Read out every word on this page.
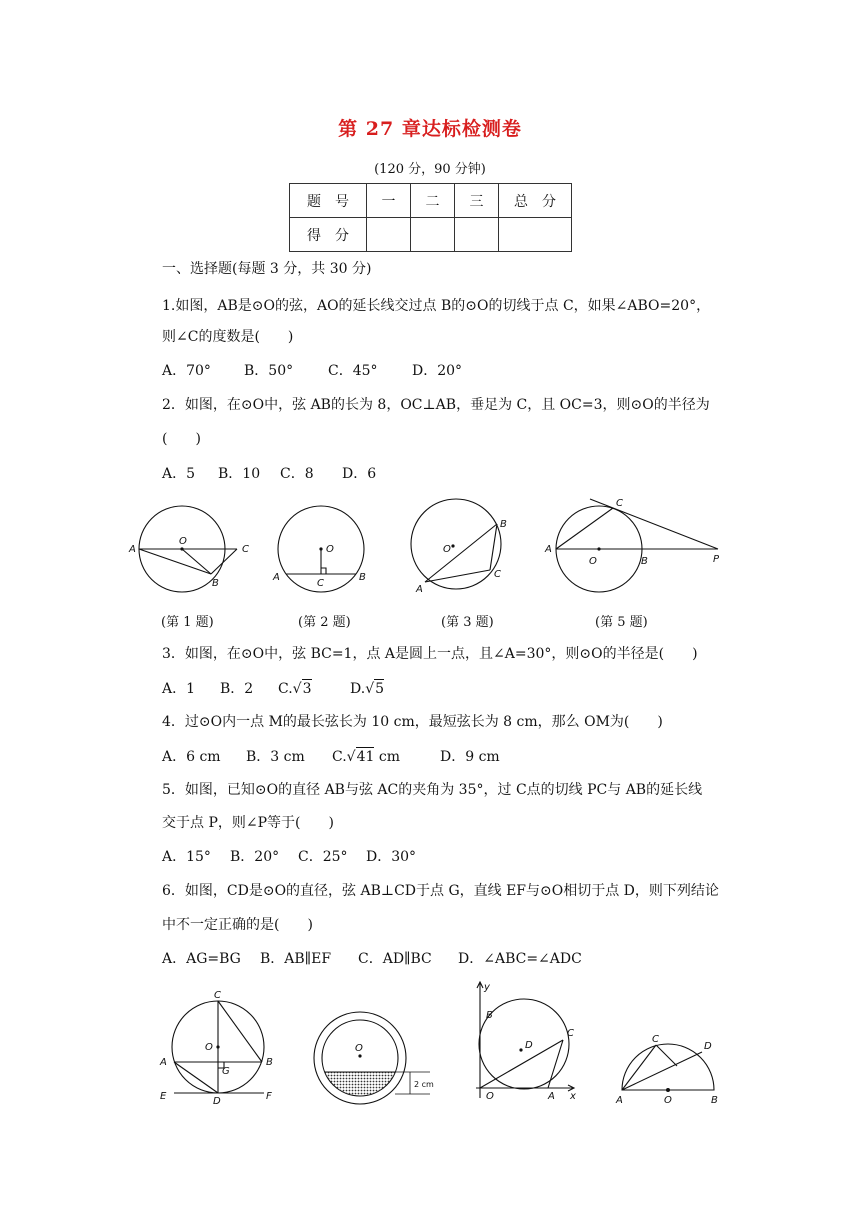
第 27 章达标检测卷
(120 分，90 分钟)
题　号	一	二	三	总　分
得　分				
一、选择题(每题 3 分，共 30 分)
1.如图，AB是⊙O的弦，AO的延长线交过点 B的⊙O的切线于点 C，如果∠ABO=20°，
则∠C的度数是(　　)
A．70° B．50° C．45° D．20°
2．如图，在⊙O中，弦 AB的长为 8，OC⊥AB，垂足为 C，且 OC=3，则⊙O的半径为
(　　)
A．5 B．10 C．8 D．6
A
O
C
B
O
A
C
B
B
O
C
A
C
A
O	B	P
(第 1 题)	(第 2 题)	(第 3 题)	(第 5 题)
3．如图，在⊙O中，弦 BC=1，点 A是圆上一点，且∠A=30°，则⊙O的半径是(　　)
A．1 B．2 C.√3	D.√5
4．过⊙O内一点 M的最长弦长为 10 cm，最短弦长为 8 cm，那么 OM为(　　)
A．6 cm B．3 cm C.√41 cm	D．9 cm
5．如图，已知⊙O的直径 AB与弦 AC的夹角为 35°，过 C点的切线 PC与 AB的延长线
交于点 P，则∠P等于(　　)
A．15° B．20° C．25° D．30°
6．如图，CD是⊙O的直径，弦 AB⊥CD于点 G，直线 EF与⊙O相切于点 D，则下列结论
中不一定正确的是(　　)
A．AG=BG B．AB∥EF C．AD∥BC D．∠ABC=∠ADC
C
O
A
G
B
E	D	F
O
2 cm
y
B
D
C
O	A x
C
D
A	O	B
